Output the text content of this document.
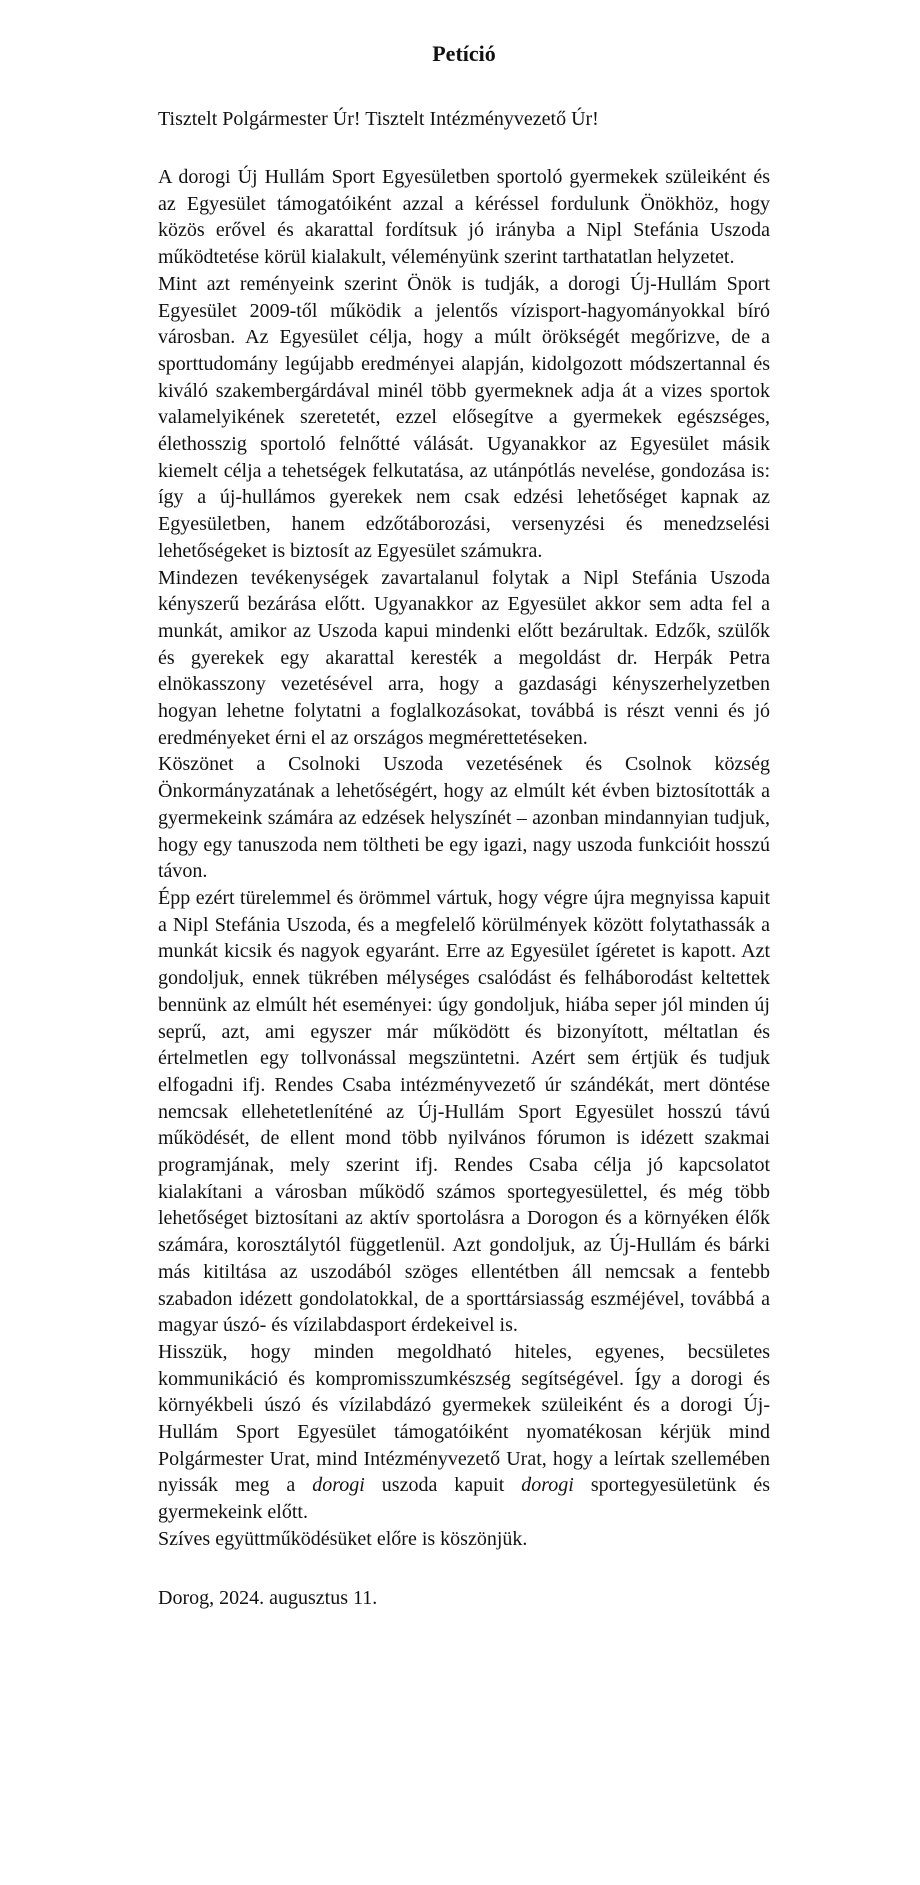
Petíció
Tisztelt Polgármester Úr! Tisztelt Intézményvezető Úr!

A dorogi Új Hullám Sport Egyesületben sportoló gyermekek szüleiként és az Egyesület támogatóiként azzal a kéréssel fordulunk Önökhöz, hogy közös erővel és akarattal fordítsuk jó irányba a Nipl Stefánia Uszoda működtetése körül kialakult, véleményünk szerint tarthatatlan helyzetet.

Mint azt reményeink szerint Önök is tudják, a dorogi Új-Hullám Sport Egyesület 2009-től működik a jelentős vízisport-hagyományokkal bíró városban. Az Egyesület célja, hogy a múlt örökségét megőrizve, de a sporttudomány legújabb eredményei alapján, kidolgozott módszertannal és kiváló szakembergárdával minél több gyermeknek adja át a vizes sportok valamelyikének szeretetét, ezzel elősegítve a gyermekek egészséges, élethosszig sportoló felnőtté válását. Ugyanakkor az Egyesület másik kiemelt célja a tehetségek felkutatása, az utánpótlás nevelése, gondozása is: így a új-hullámos gyerekek nem csak edzési lehetőséget kapnak az Egyesületben, hanem edzőtáborozási, versenyzési és menedzselési lehetőségeket is biztosít az Egyesület számukra.

Mindezen tevékenységek zavartalanul folytak a Nipl Stefánia Uszoda kényszerű bezárása előtt. Ugyanakkor az Egyesület akkor sem adta fel a munkát, amikor az Uszoda kapui mindenki előtt bezárultak. Edzők, szülők és gyerekek egy akarattal keresték a megoldást dr. Herpák Petra elnökasszony vezetésével arra, hogy a gazdasági kényszerhelyzetben hogyan lehetne folytatni a foglalkozásokat, továbbá is részt venni és jó eredményeket érni el az országos megmérettetéseken.

Köszönet a Csolnoki Uszoda vezetésének és Csolnok község Önkormányzatának a lehetőségért, hogy az elmúlt két évben biztosították a gyermekeink számára az edzések helyszínét – azonban mindannyian tudjuk, hogy egy tanuszoda nem töltheti be egy igazi, nagy uszoda funkcióit hosszú távon.

Épp ezért türelemmel és örömmel vártuk, hogy végre újra megnyissa kapuit a Nipl Stefánia Uszoda, és a megfelelő körülmények között folytathassák a munkát kicsik és nagyok egyaránt. Erre az Egyesület ígéretet is kapott. Azt gondoljuk, ennek tükrében mélységes csalódást és felháborodást keltettek bennünk az elmúlt hét eseményei: úgy gondoljuk, hiába seper jól minden új seprű, azt, ami egyszer már működött és bizonyított, méltatlan és értelmetlen egy tollvonással megszüntetni. Azért sem értjük és tudjuk elfogadni ifj. Rendes Csaba intézményvezető úr szándékát, mert döntése nemcsak ellehetetleníténé az Új-Hullám Sport Egyesület hosszú távú működését, de ellent mond több nyilvános fórumon is idézett szakmai programjának, mely szerint ifj. Rendes Csaba célja jó kapcsolatot kialakítani a városban működő számos sportegyesülettel, és még több lehetőséget biztosítani az aktív sportolásra a Dorogon és a környéken élők számára, korosztálytól függetlenül. Azt gondoljuk, az Új-Hullám és bárki más kitiltása az uszodából szöges ellentétben áll nemcsak a fentebb szabadon idézett gondolatokkal, de a sporttársiasság eszméjével, továbbá a magyar úszó- és vízilabdasport érdekeivel is.

Hisszük, hogy minden megoldható hiteles, egyenes, becsületes kommunikáció és kompromisszumkészség segítségével. Így a dorogi és környékbeli úszó és vízilabdázó gyermekek szüleiként és a dorogi Új-Hullám Sport Egyesület támogatóiként nyomatékosan kérjük mind Polgármester Urat, mind Intézményvezető Urat, hogy a leírtak szellemében nyissák meg a dorogi uszoda kapuit dorogi sportegyesületünk és gyermekeink előtt.

Szíves együttműködésüket előre is köszönjük.

Dorog, 2024. augusztus 11.
